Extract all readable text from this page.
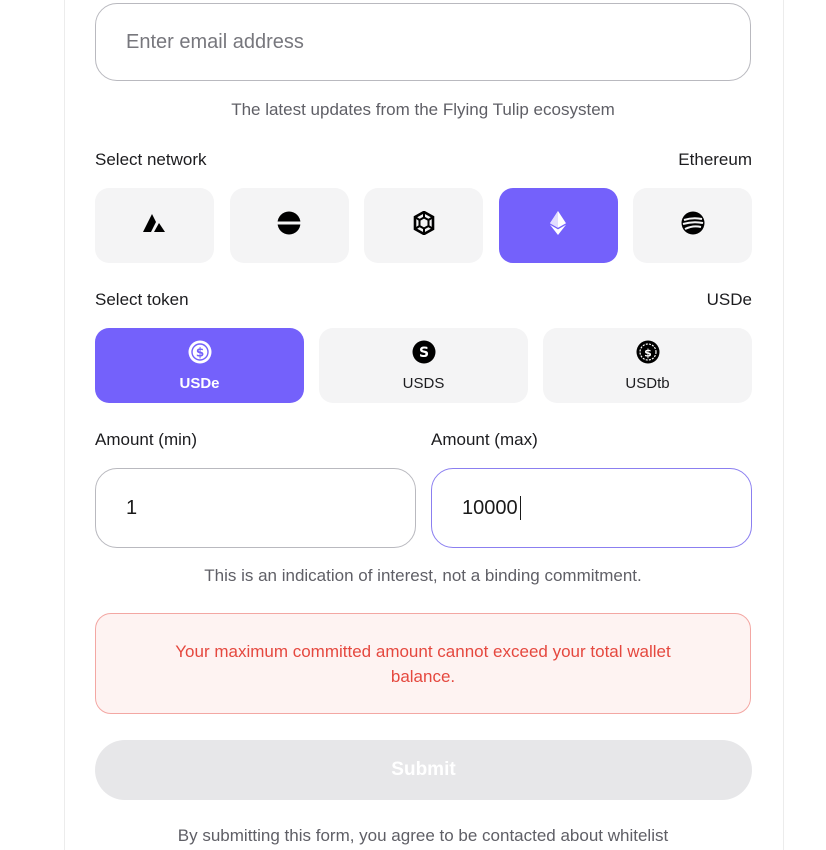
Enter email address
The latest updates from the Flying Tulip ecosystem
Select network	Ethereum
Select token	USDe
$
USDe
S
USDS
$
USDtb
Amount (min)	Amount (max)
1
10000
This is an indication of interest, not a binding commitment.
Your maximum committed amount cannot exceed your total wallet balance.
Submit
By submitting this form, you agree to be contacted about whitelist
